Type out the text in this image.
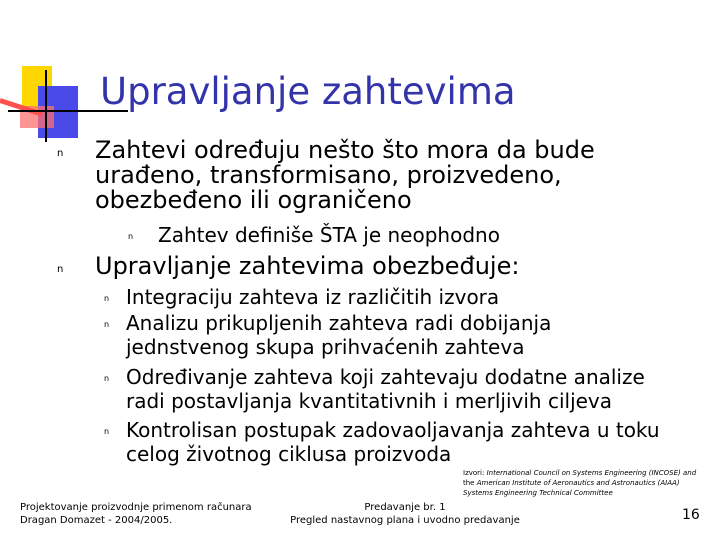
Upravljanje zahtevima
n Zahtevi određuju nešto što mora da bude
urađeno, transformisano, proizvedeno,
obezbeđeno ili ograničeno
n Zahtev definiše ŠTA je neophodno
n Upravljanje zahtevima obezbeđuje:
n Integraciju zahteva iz različitih izvora
n Analizu prikupljenih zahteva radi dobijanja
jednstvenog skupa prihvaćenih zahteva
n Određivanje zahteva koji zahtevaju dodatne analize
radi postavljanja kvantitativnih i merljivih ciljeva
n Kontrolisan postupak zadovaoljavanja zahteva u toku
celog životnog ciklusa proizvoda
Izvori: International Council on Systems Engineering (INCOSE) and
the American Institute of Aeronautics and Astronautics (AIAA)
Systems Engineering Technical Committee
Projektovanje proizvodnje primenom računara
Dragan Domazet - 2004/2005.
Predavanje br. 1
Pregled nastavnog plana i uvodno predavanje	16
